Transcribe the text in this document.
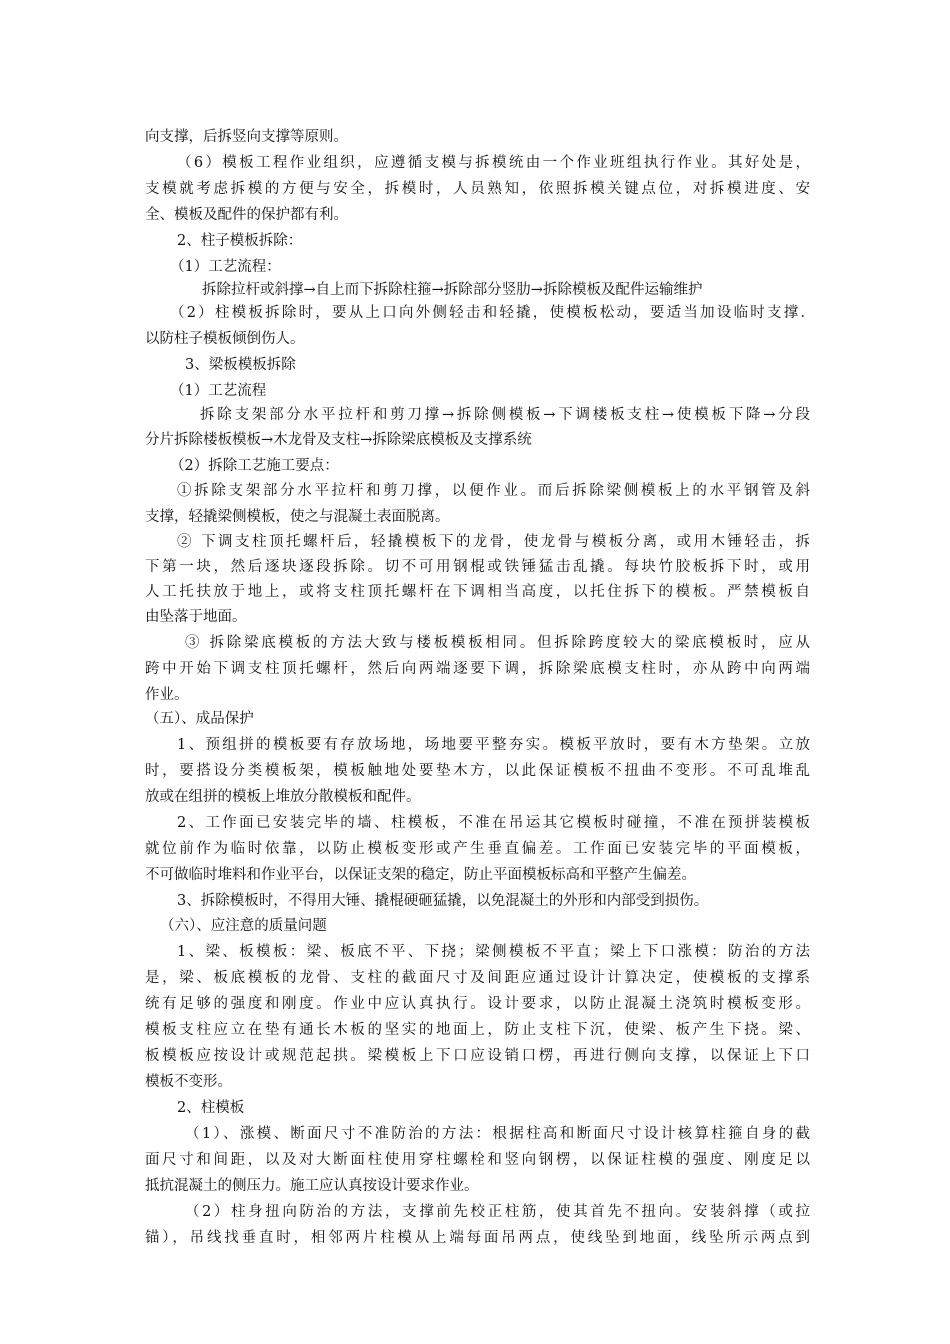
向支撑，后拆竖向支撑等原则。
（6）模板工程作业组织，应遵循支模与拆模统由一个作业班组执行作业。其好处是，
支模就考虑拆模的方便与安全，拆模时，人员熟知，依照拆模关键点位，对拆模进度、安
全、模板及配件的保护都有利。
2、柱子模板拆除：
（1）工艺流程：
拆除拉杆或斜撑→自上而下拆除柱箍→拆除部分竖肋→拆除模板及配件运输维护
（2）柱模板拆除时，要从上口向外侧轻击和轻撬，使模板松动，要适当加设临时支撑．
以防柱子模板倾倒伤人。
3、梁板模板拆除
（1）工艺流程
拆除支架部分水平拉杆和剪刀撑→拆除侧模板→下调楼板支柱→使模板下降→分段
分片拆除楼板模板→木龙骨及支柱→拆除梁底模板及支撑系统
（2）拆除工艺施工要点：
①拆除支架部分水平拉杆和剪刀撑，以便作业。而后拆除梁侧模板上的水平钢管及斜
支撑，轻撬梁侧模板，使之与混凝土表面脱离。
② 下调支柱顶托螺杆后，轻撬模板下的龙骨，使龙骨与模板分离，或用木锤轻击，拆
下第一块，然后逐块逐段拆除。切不可用钢棍或铁锤猛击乱撬。每块竹胶板拆下时，或用
人工托扶放于地上，或将支柱顶托螺杆在下调相当高度，以托住拆下的模板。严禁模板自
由坠落于地面。
③ 拆除梁底模板的方法大致与楼板模板相同。但拆除跨度较大的梁底模板时，应从
跨中开始下调支柱顶托螺杆，然后向两端逐要下调，拆除梁底模支柱时，亦从跨中向两端
作业。
（五）、成品保护
1、预组拼的模板要有存放场地，场地要平整夯实。模板平放时，要有木方垫架。立放
时，要搭设分类模板架，模板触地处要垫木方，以此保证模板不扭曲不变形。不可乱堆乱
放或在组拼的模板上堆放分散模板和配件。
2、工作面已安装完毕的墙、柱模板，不准在吊运其它模板时碰撞，不准在预拼装模板
就位前作为临时依靠，以防止模板变形或产生垂直偏差。工作面已安装完毕的平面模板，
不可做临时堆料和作业平台，以保证支架的稳定，防止平面模板标高和平整产生偏差。
3、拆除模板时，不得用大锤、撬棍硬砸猛撬，以免混凝土的外形和内部受到损伤。
（六）、应注意的质量问题
1、梁、板模板：梁、板底不平、下挠；梁侧模板不平直；梁上下口涨模：防治的方法
是，梁、板底模板的龙骨、支柱的截面尺寸及间距应通过设计计算决定，使模板的支撑系
统有足够的强度和刚度。作业中应认真执行。设计要求，以防止混凝土浇筑时模板变形。
模板支柱应立在垫有通长木板的坚实的地面上，防止支柱下沉，使梁、板产生下挠。梁、
板模板应按设计或规范起拱。梁模板上下口应设销口楞，再进行侧向支撑，以保证上下口
模板不变形。
2、柱模板
（1）、涨模、断面尺寸不准防治的方法：根据柱高和断面尺寸设计核算柱箍自身的截
面尺寸和间距，以及对大断面柱使用穿柱螺栓和竖向钢楞，以保证柱模的强度、刚度足以
抵抗混凝土的侧压力。施工应认真按设计要求作业。
（2）柱身扭向防治的方法，支撑前先校正柱筋，使其首先不扭向。安装斜撑（或拉
锚），吊线找垂直时，相邻两片柱模从上端每面吊两点，使线坠到地面，线坠所示两点到
